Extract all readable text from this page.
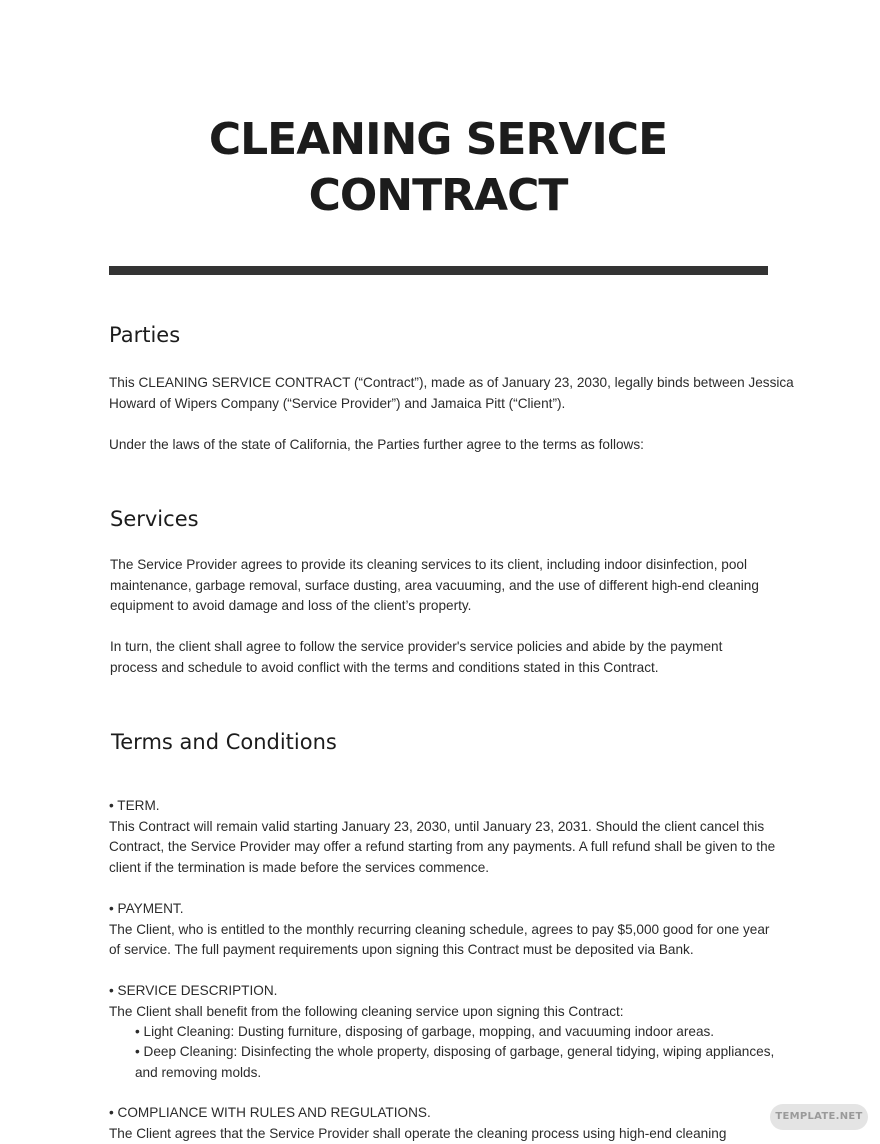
CLEANING SERVICE
CONTRACT
Parties

This CLEANING SERVICE CONTRACT (“Contract”), made as of January 23, 2030, legally binds between Jessica
Howard of Wipers Company (“Service Provider”) and Jamaica Pitt (“Client”).

Under the laws of the state of California, the Parties further agree to the terms as follows:

Services

The Service Provider agrees to provide its cleaning services to its client, including indoor disinfection, pool
maintenance, garbage removal, surface dusting, area vacuuming, and the use of different high-end cleaning
equipment to avoid damage and loss of the client’s property.

In turn, the client shall agree to follow the service provider's service policies and abide by the payment
process and schedule to avoid conflict with the terms and conditions stated in this Contract.

Terms and Conditions

• TERM.
This Contract will remain valid starting January 23, 2030, until January 23, 2031. Should the client cancel this
Contract, the Service Provider may offer a refund starting from any payments. A full refund shall be given to the
client if the termination is made before the services commence.

• PAYMENT.
The Client, who is entitled to the monthly recurring cleaning schedule, agrees to pay $5,000 good for one year
of service. The full payment requirements upon signing this Contract must be deposited via Bank.

• SERVICE DESCRIPTION.
The Client shall benefit from the following cleaning service upon signing this Contract:

• Light Cleaning: Dusting furniture, disposing of garbage, mopping, and vacuuming indoor areas.

• Deep Cleaning: Disinfecting the whole property, disposing of garbage, general tidying, wiping appliances,
and removing molds.

• COMPLIANCE WITH RULES AND REGULATIONS.
The Client agrees that the Service Provider shall operate the cleaning process using high-end cleaning

TEMPLATE.NET
